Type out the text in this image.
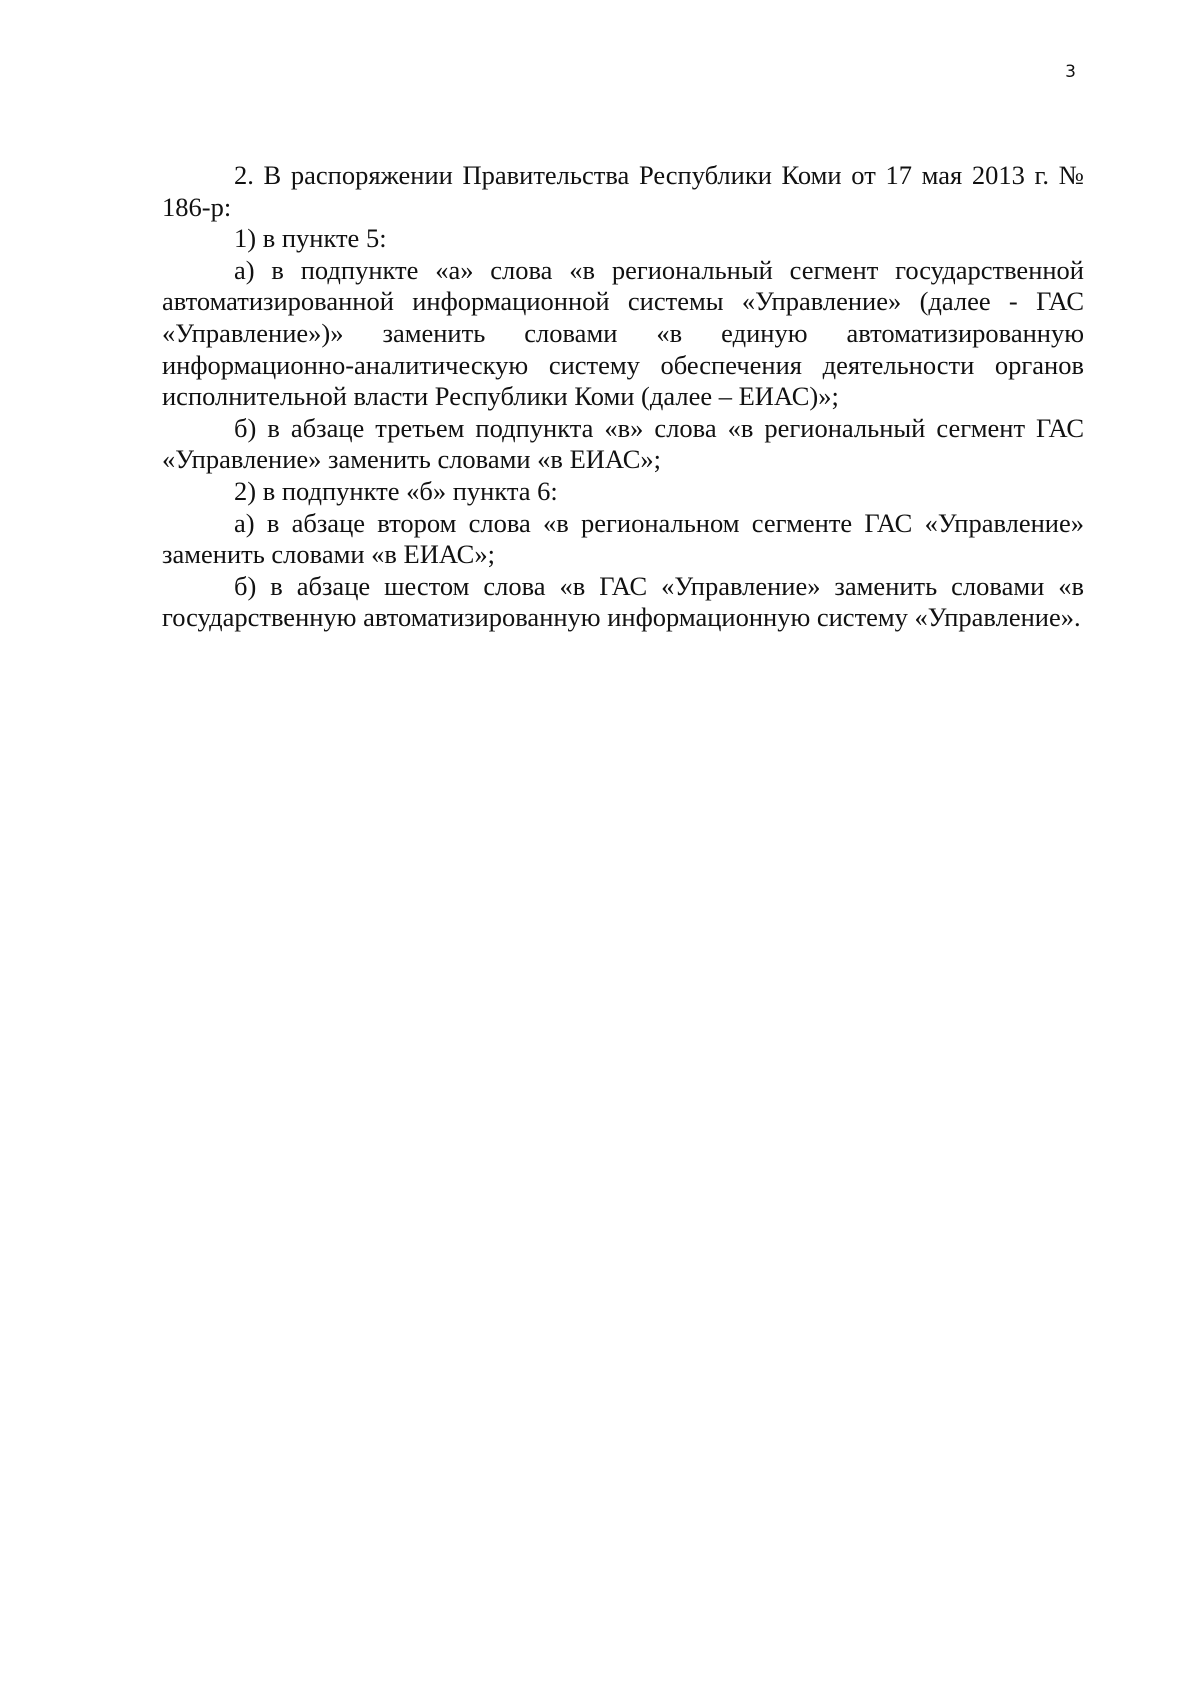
3

2. В распоряжении Правительства Республики Коми от 17 мая 2013 г. № 186-р:

1) в пункте 5:

а) в подпункте «а» слова «в региональный сегмент государственной автоматизированной информационной системы «Управление» (далее - ГАС «Управление»)» заменить словами «в единую автоматизированную информационно-аналитическую систему обеспечения деятельности органов исполнительной власти Республики Коми (далее – ЕИАС)»;

б) в абзаце третьем подпункта «в» слова «в региональный сегмент ГАС «Управление» заменить словами «в ЕИАС»;

2) в подпункте «б» пункта 6:

а) в абзаце втором слова «в региональном сегменте ГАС «Управление» заменить словами «в ЕИАС»;

б) в абзаце шестом слова «в ГАС «Управление» заменить словами «в государственную автоматизированную информационную систему «Управление».
